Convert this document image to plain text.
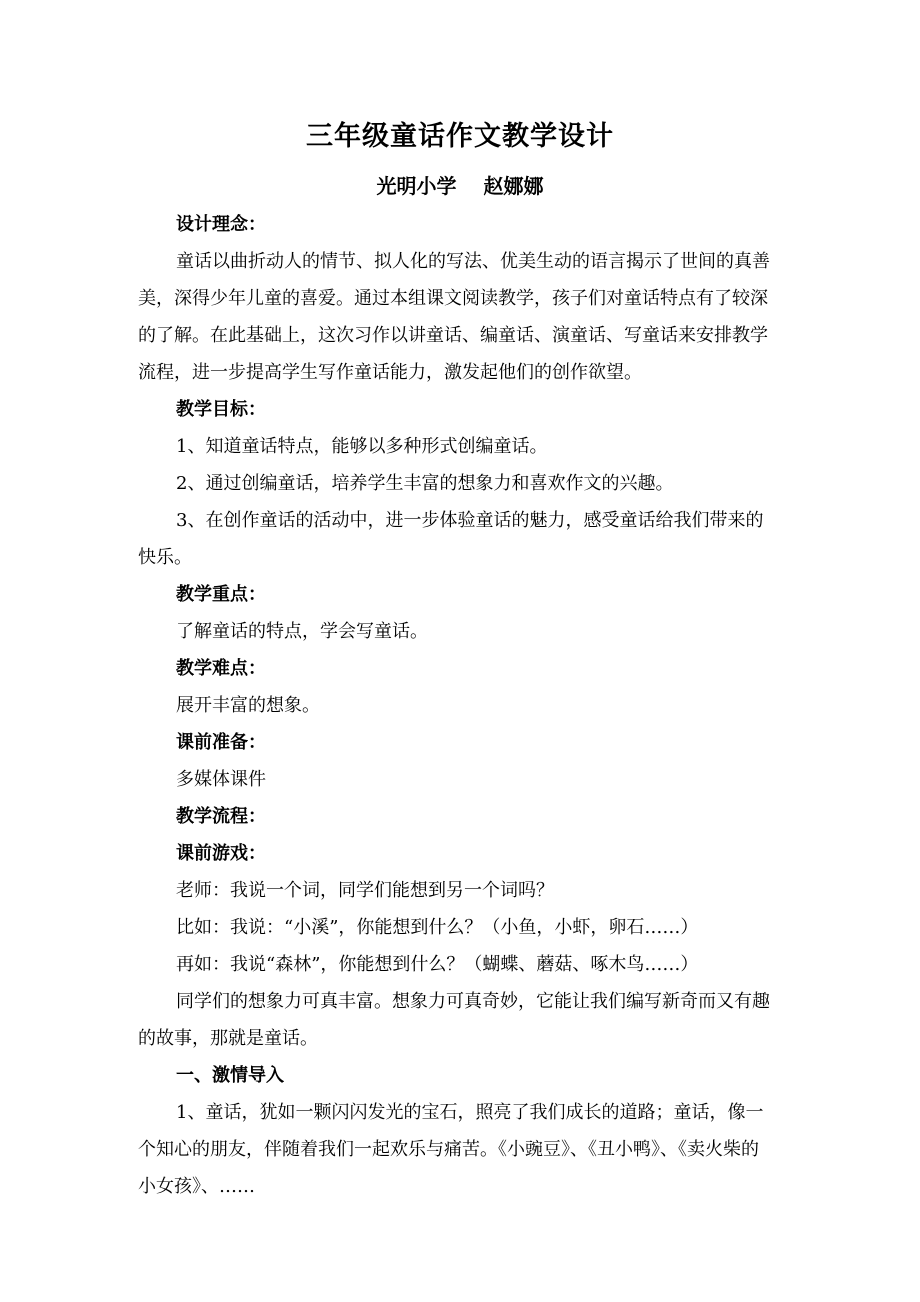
三年级童话作文教学设计
光明小学 赵娜娜
设计理念：
童话以曲折动人的情节、拟人化的写法、优美生动的语言揭示了世间的真善
美，深得少年儿童的喜爱。通过本组课文阅读教学，孩子们对童话特点有了较深
的了解。在此基础上，这次习作以讲童话、编童话、演童话、写童话来安排教学
流程，进一步提高学生写作童话能力，激发起他们的创作欲望。
教学目标：
1、知道童话特点，能够以多种形式创编童话。
2、通过创编童话，培养学生丰富的想象力和喜欢作文的兴趣。
3、在创作童话的活动中，进一步体验童话的魅力，感受童话给我们带来的
快乐。
教学重点：
了解童话的特点，学会写童话。
教学难点：
展开丰富的想象。
课前准备：
多媒体课件
教学流程：
课前游戏：
老师：我说一个词，同学们能想到另一个词吗？
比如：我说：“小溪”，你能想到什么？（小鱼，小虾，卵石……）
再如：我说“森林”，你能想到什么？（蝴蝶、蘑菇、啄木鸟……）
同学们的想象力可真丰富。想象力可真奇妙，它能让我们编写新奇而又有趣
的故事，那就是童话。
一、激情导入
1、童话，犹如一颗闪闪发光的宝石，照亮了我们成长的道路；童话，像一
个知心的朋友，伴随着我们一起欢乐与痛苦。《小豌豆》、《丑小鸭》、《卖火柴的
小女孩》、……
